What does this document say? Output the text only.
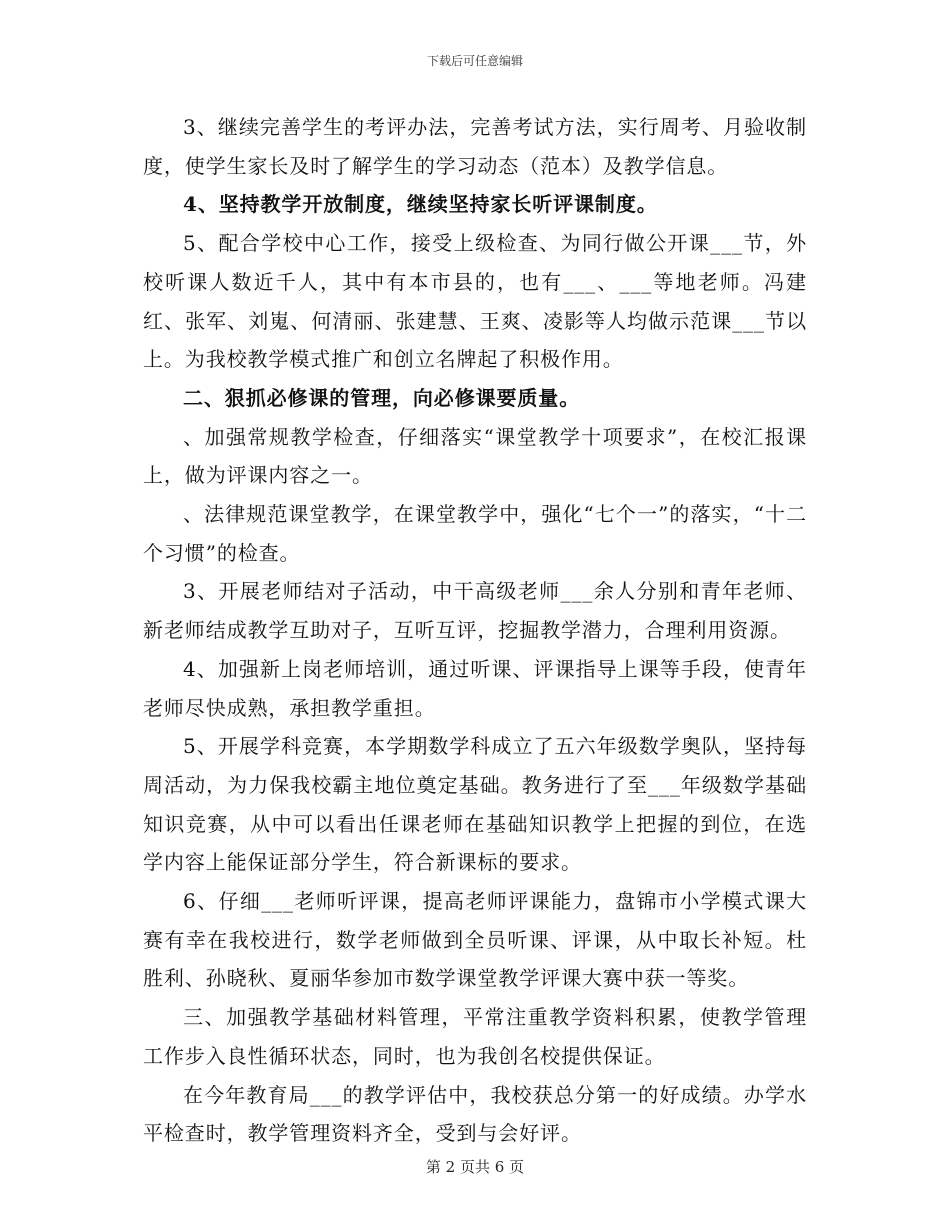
下载后可任意编辑

3、继续完善学生的考评办法，完善考试方法，实行周考、月验收制度，使学生家长及时了解学生的学习动态（范本）及教学信息。

4、坚持教学开放制度，继续坚持家长听评课制度。

5、配合学校中心工作，接受上级检查、为同行做公开课___节，外校听课人数近千人，其中有本市县的，也有___、___等地老师。冯建红、张军、刘嵬、何清丽、张建慧、王爽、凌影等人均做示范课___节以上。为我校教学模式推广和创立名牌起了积极作用。

二、狠抓必修课的管理，向必修课要质量。

、加强常规教学检查，仔细落实“课堂教学十项要求”，在校汇报课上，做为评课内容之一。

、法律规范课堂教学，在课堂教学中，强化“七个一”的落实，“十二个习惯”的检查。

3、开展老师结对子活动，中干高级老师___余人分别和青年老师、新老师结成教学互助对子，互听互评，挖掘教学潜力，合理利用资源。

4、加强新上岗老师培训，通过听课、评课指导上课等手段，使青年老师尽快成熟，承担教学重担。

5、开展学科竞赛，本学期数学科成立了五六年级数学奥队，坚持每周活动，为力保我校霸主地位奠定基础。教务进行了至___年级数学基础知识竞赛，从中可以看出任课老师在基础知识教学上把握的到位，在选学内容上能保证部分学生，符合新课标的要求。

6、仔细___老师听评课，提高老师评课能力，盘锦市小学模式课大赛有幸在我校进行，数学老师做到全员听课、评课，从中取长补短。杜胜利、孙晓秋、夏丽华参加市数学课堂教学评课大赛中获一等奖。

三、加强教学基础材料管理，平常注重教学资料积累，使教学管理工作步入良性循环状态，同时，也为我创名校提供保证。

在今年教育局___的教学评估中，我校获总分第一的好成绩。办学水平检查时，教学管理资料齐全，受到与会好评。

第 2 页共 6 页
